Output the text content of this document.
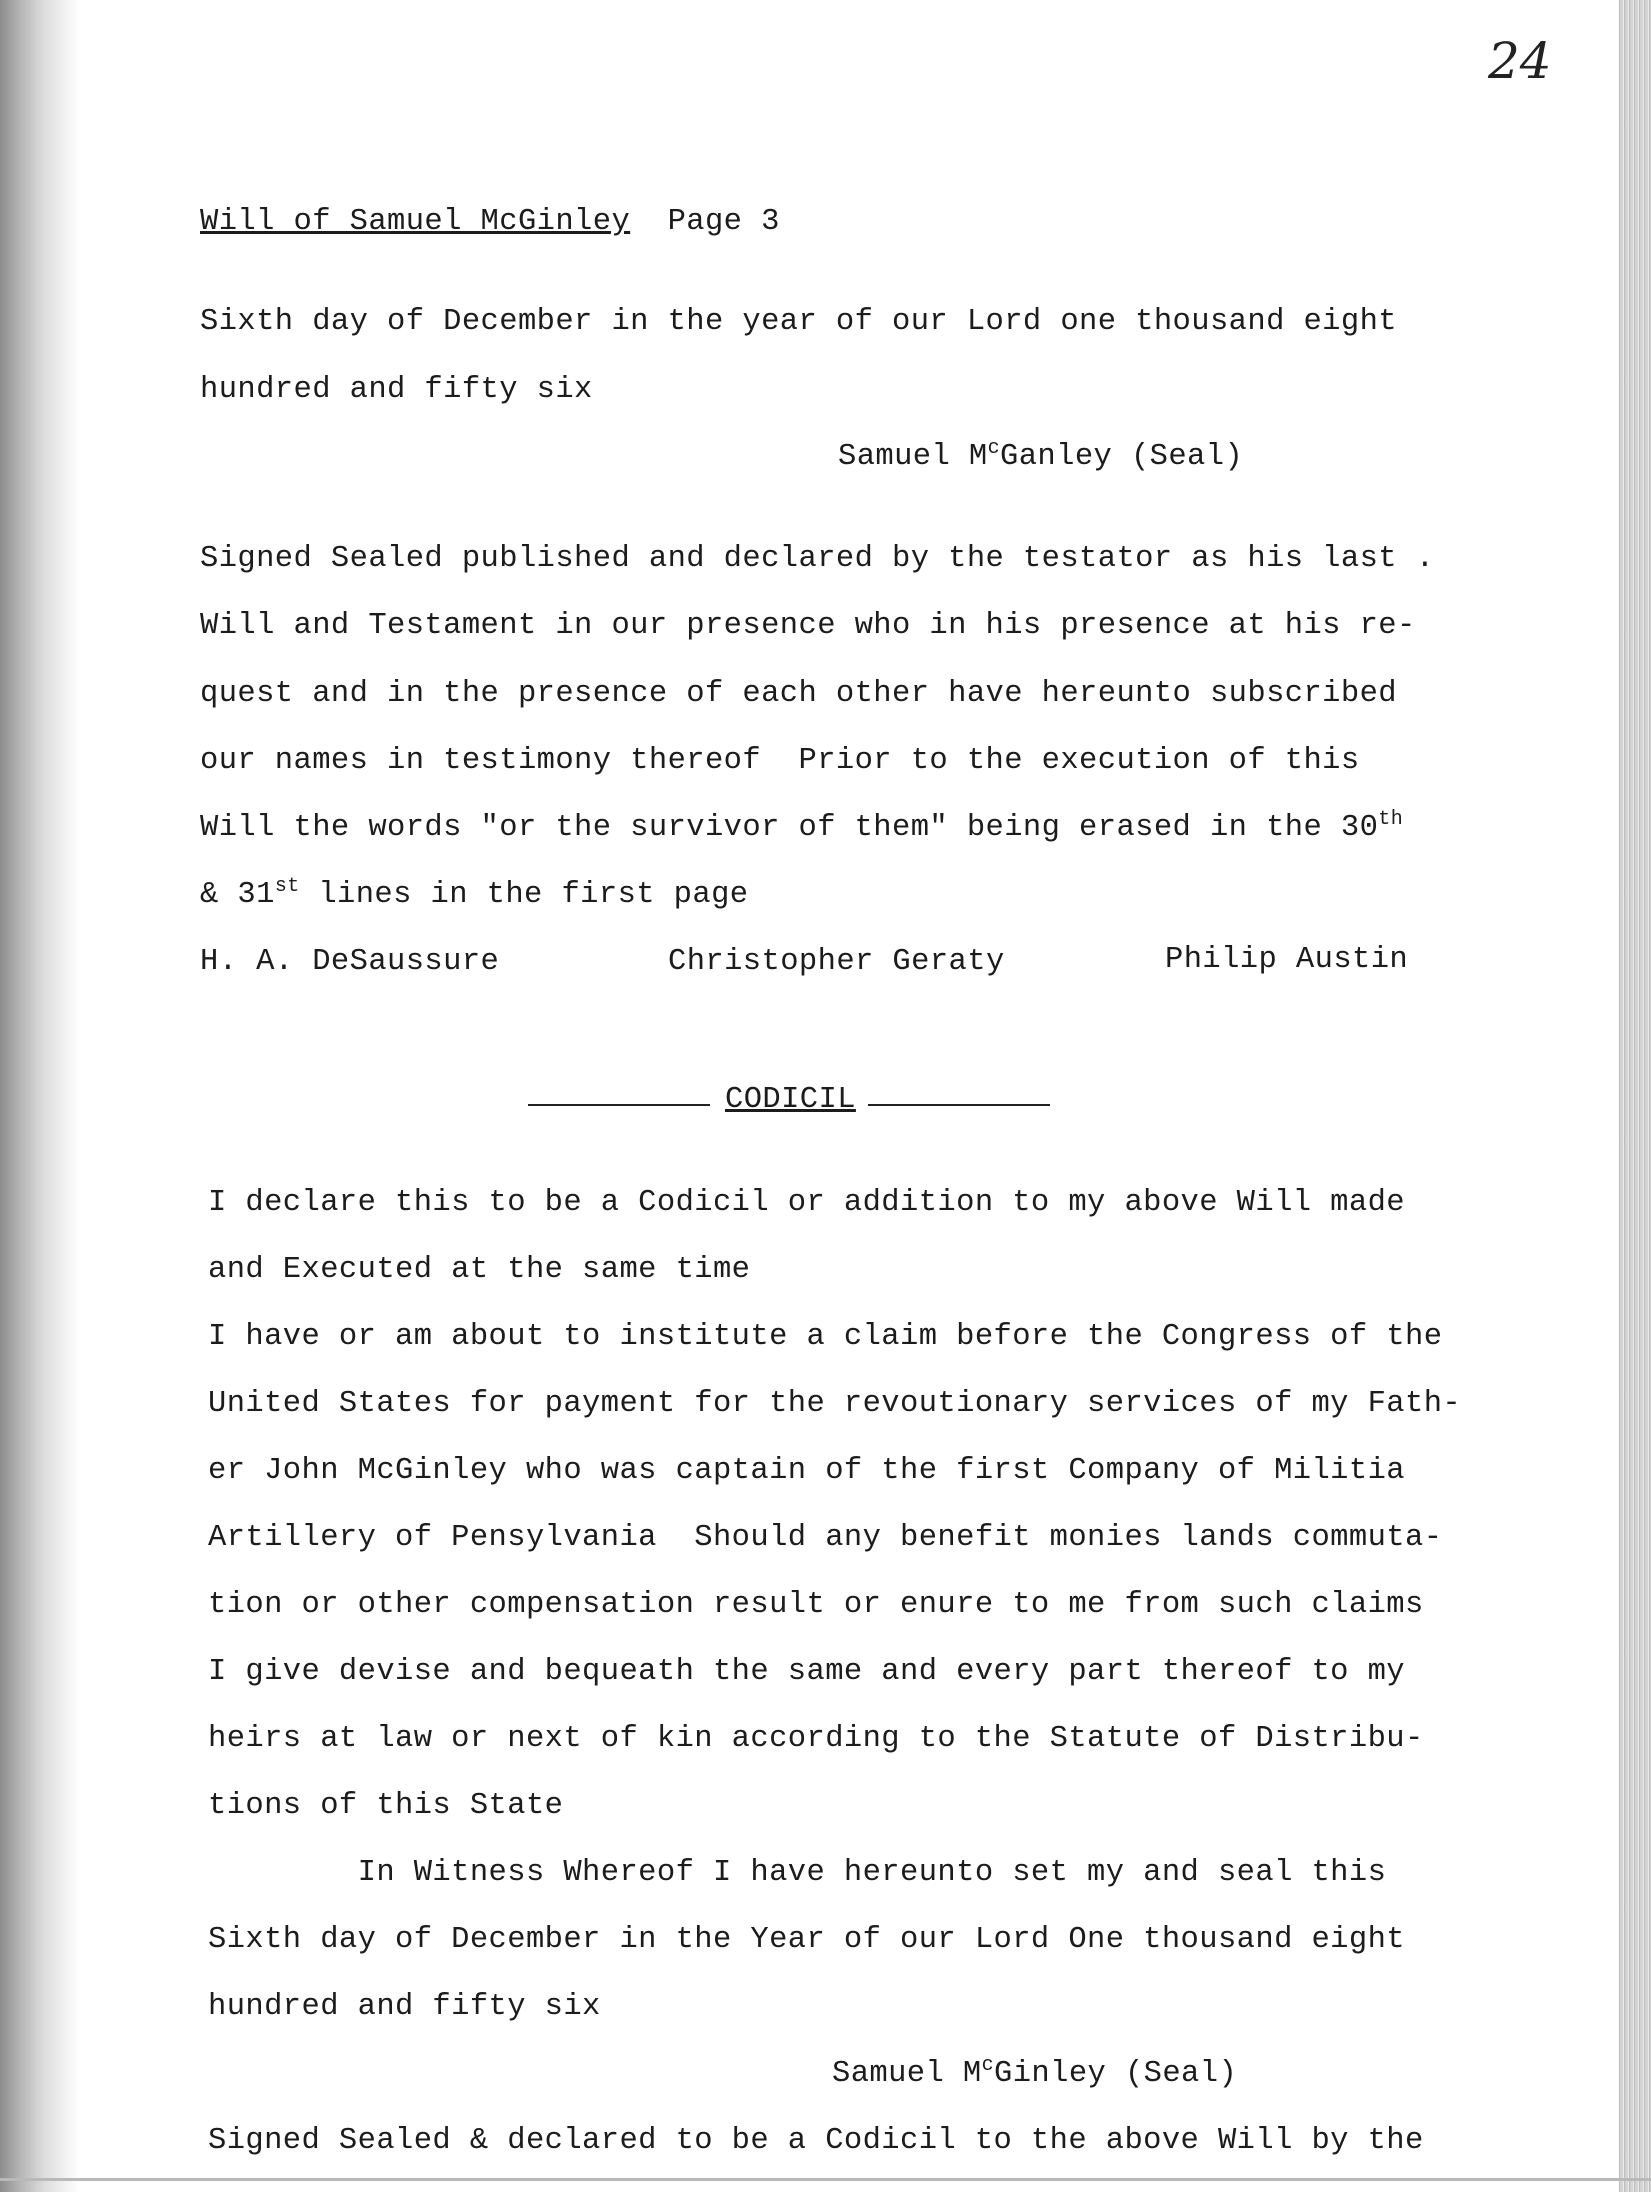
24
Will of Samuel McGinley Page 3
Sixth day of December in the year of our Lord one thousand eight
hundred and fifty six
Samuel $M^cGanley$ (Seal)
Signed Sealed published and declared by the testator as his last .
Will and Testament in our presence who in his presence at his re-
quest and in the presence of each other have hereunto subscribed
our names in testimony thereof  Prior to the execution of this
Will the words "or the survivor of them" being erased in the 30th
& 31st lines in the first page
H. A. DeSaussure	Christopher Geraty	Philip Austin
CODICIL
I declare this to be a Codicil or addition to my above Will made
and Executed at the same time
I have or am about to institute a claim before the Congress of the
United States for payment for the revoutionary services of my Fath-
er John McGinley who was captain of the first Company of Militia
Artillery of Pensylvania  Should any benefit monies lands commuta-
tion or other compensation result or enure to me from such claims
I give devise and bequeath the same and every part thereof to my
heirs at law or next of kin according to the Statute of Distribu-
tions of this State
In Witness Whereof I have hereunto set my and seal this
Sixth day of December in the Year of our Lord One thousand eight
hundred and fifty six
Samuel $M^cGinley$ (Seal)
Signed Sealed & declared to be a Codicil to the above Will by the
